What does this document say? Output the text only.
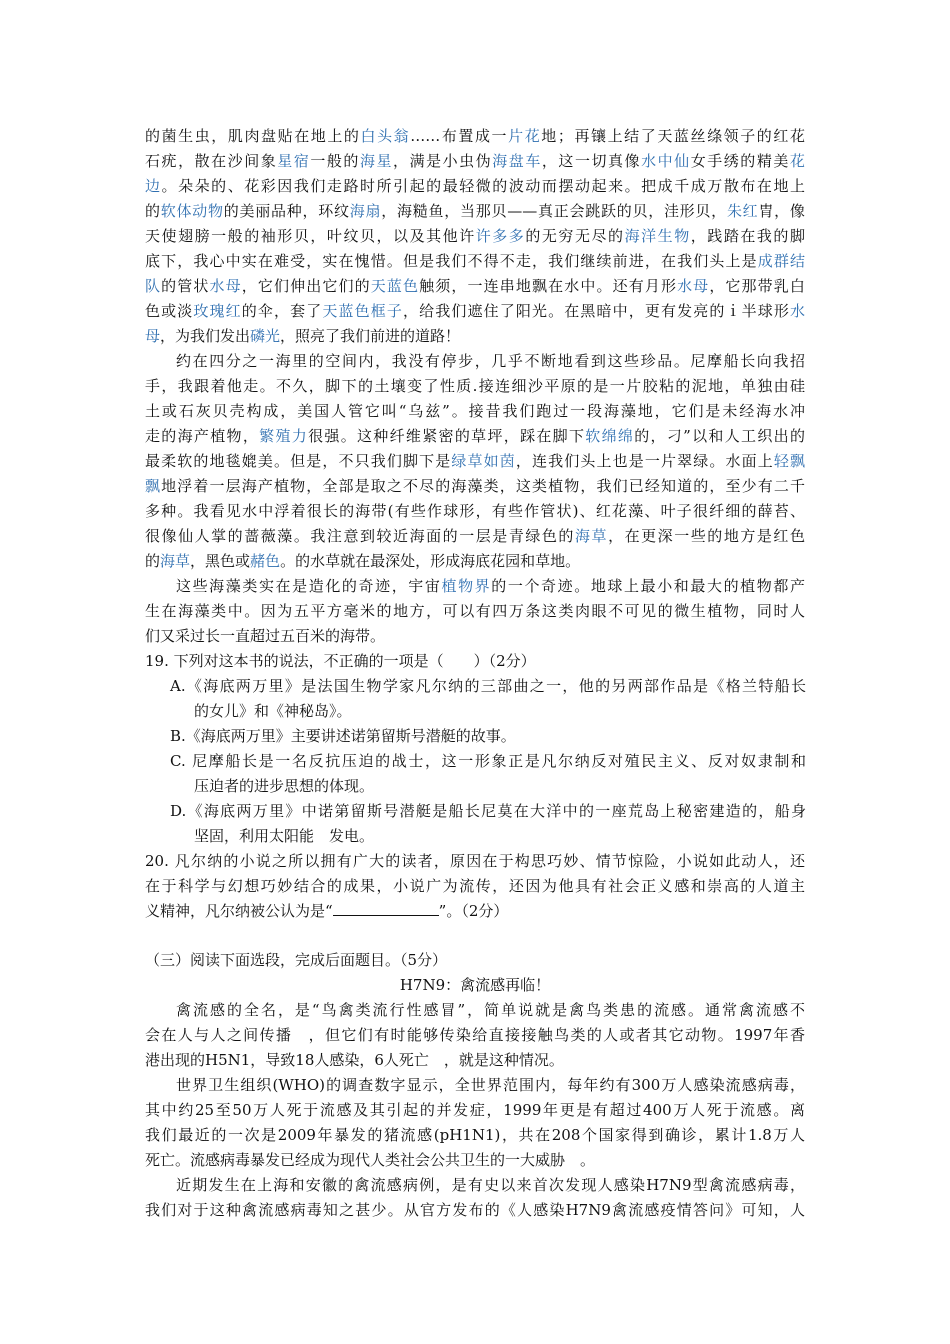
的菌生虫，肌肉盘贴在地上的白头翁……布置成一片花地；再镶上结了天蓝丝绦领子的红花
石疣，散在沙间象星宿一般的海星，满是小虫伪海盘车，这一切真像水中仙女手绣的精美花
边。朵朵的、花彩因我们走路时所引起的最轻微的波动而摆动起来。把成千成万散布在地上
的软体动物的美丽品种，环纹海扇，海糙鱼，当那贝——真正会跳跃的贝，洼形贝，朱红胄，像
天使翅膀一般的袖形贝，叶纹贝，以及其他许许多多的无穷无尽的海洋生物，践踏在我的脚
底下，我心中实在难受，实在愧惜。但是我们不得不走，我们继续前进，在我们头上是成群结
队的管状水母，它们伸出它们的天蓝色触须，一连串地飘在水中。还有月形水母，它那带乳白
色或淡玫瑰红的伞，套了天蓝色框子，给我们遮住了阳光。在黑暗中，更有发亮的ｉ半球形水
母，为我们发出磷光，照亮了我们前进的道路！
约在四分之一海里的空间内，我没有停步，几乎不断地看到这些珍品。尼摩船长向我招
手，我跟着他走。不久，脚下的土壤变了性质.接连细沙平原的是一片胶粘的泥地，单独由硅
土或石灰贝壳构成，美国人管它叫“乌兹”。接昔我们跑过一段海藻地，它们是未经海水冲
走的海产植物，繁殖力很强。这种纤维紧密的草坪，踩在脚下软绵绵的，刁”以和人工织出的
最柔软的地毯媲美。但是，不只我们脚下是绿草如茵，连我们头上也是一片翠绿。水面上轻飘
飘地浮着一层海产植物，全部是取之不尽的海藻类，这类植物，我们已经知道的，至少有二千
多种。我看见水中浮着很长的海带(有些作球形，有些作管状)、红花藻、叶子很纤细的薛苔、
很像仙人掌的蔷薇藻。我注意到较近海面的一层是青绿色的海草，在更深一些的地方是红色
的海草，黑色或赭色。的水草就在最深处，形成海底花园和草地。
这些海藻类实在是造化的奇迹，宇宙植物界的一个奇迹。地球上最小和最大的植物都产
生在海藻类中。因为五平方毫米的地方，可以有四万条这类肉眼不可见的微生植物，同时人
们又采过长一直超过五百米的海带。
19. 下列对这本书的说法，不正确的一项是（　　）（2分）
A.《海底两万里》是法国生物学家凡尔纳的三部曲之一，他的另两部作品是《格兰特船长
的女儿》和《神秘岛》。
B.《海底两万里》主要讲述诺第留斯号潜艇的故事。
C. 尼摩船长是一名反抗压迫的战士，这一形象正是凡尔纳反对殖民主义、反对奴隶制和
压迫者的进步思想的体现。
D.《海底两万里》中诺第留斯号潜艇是船长尼莫在大洋中的一座荒岛上秘密建造的，船身
坚固，利用太阳能　发电。
20. 凡尔纳的小说之所以拥有广大的读者，原因在于构思巧妙、情节惊险，小说如此动人，还
在于科学与幻想巧妙结合的成果，小说广为流传，还因为他具有社会正义感和崇高的人道主
义精神，凡尔纳被公认为是“	”。（2分）
（三）阅读下面选段，完成后面题目。（5分）
H7N9：禽流感再临！
禽流感的全名，是“鸟禽类流行性感冒”，简单说就是禽鸟类患的流感。通常禽流感不
会在人与人之间传播　，但它们有时能够传染给直接接触鸟类的人或者其它动物。1997年香
港出现的H5N1，导致18人感染，6人死亡　，就是这种情况。
世界卫生组织(WHO)的调查数字显示，全世界范围内，每年约有300万人感染流感病毒，
其中约25至50万人死于流感及其引起的并发症，1999年更是有超过400万人死于流感。离
我们最近的一次是2009年暴发的猪流感(pH1N1)，共在208个国家得到确诊，累计1.8万人
死亡。流感病毒暴发已经成为现代人类社会公共卫生的一大威胁　。
近期发生在上海和安徽的禽流感病例，是有史以来首次发现人感染H7N9型禽流感病毒，
我们对于这种禽流感病毒知之甚少。从官方发布的《人感染H7N9禽流感疫情答问》可知，人
